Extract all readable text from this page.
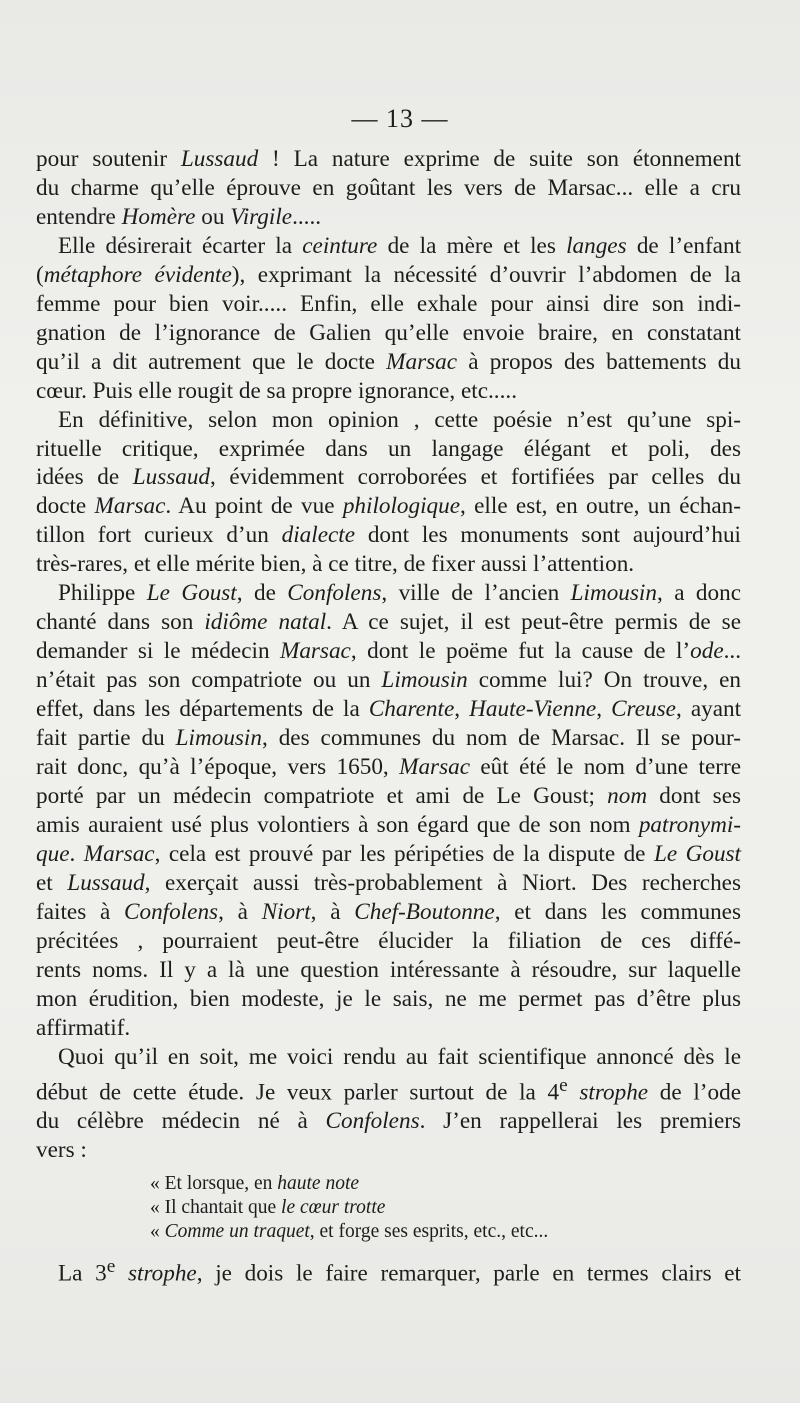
— 13 —
pour soutenir Lussaud ! La nature exprime de suite son étonnement
du charme qu’elle éprouve en goûtant les vers de Marsac... elle a cru
entendre Homère ou Virgile.....
Elle désirerait écarter la ceinture de la mère et les langes de l’enfant
(métaphore évidente), exprimant la nécessité d’ouvrir l’abdomen de la
femme pour bien voir..... Enfin, elle exhale pour ainsi dire son indi-
gnation de l’ignorance de Galien qu’elle envoie braire, en constatant
qu’il a dit autrement que le docte Marsac à propos des battements du
cœur. Puis elle rougit de sa propre ignorance, etc.....
En définitive, selon mon opinion , cette poésie n’est qu’une spi-
rituelle critique, exprimée dans un langage élégant et poli, des
idées de Lussaud, évidemment corroborées et fortifiées par celles du
docte Marsac. Au point de vue philologique, elle est, en outre, un échan-
tillon fort curieux d’un dialecte dont les monuments sont aujourd’hui
très-rares, et elle mérite bien, à ce titre, de fixer aussi l’attention.
Philippe Le Goust, de Confolens, ville de l’ancien Limousin, a donc
chanté dans son idiôme natal. A ce sujet, il est peut-être permis de se
demander si le médecin Marsac, dont le poëme fut la cause de l’ode...
n’était pas son compatriote ou un Limousin comme lui? On trouve, en
effet, dans les départements de la Charente, Haute-Vienne, Creuse, ayant
fait partie du Limousin, des communes du nom de Marsac. Il se pour-
rait donc, qu’à l’époque, vers 1650, Marsac eût été le nom d’une terre
porté par un médecin compatriote et ami de Le Goust; nom dont ses
amis auraient usé plus volontiers à son égard que de son nom patronymi-
que. Marsac, cela est prouvé par les péripéties de la dispute de Le Goust
et Lussaud, exerçait aussi très-probablement à Niort. Des recherches
faites à Confolens, à Niort, à Chef-Boutonne, et dans les communes
précitées , pourraient peut-être élucider la filiation de ces diffé-
rents noms. Il y a là une question intéressante à résoudre, sur laquelle
mon érudition, bien modeste, je le sais, ne me permet pas d’être plus
affirmatif.
Quoi qu’il en soit, me voici rendu au fait scientifique annoncé dès le
début de cette étude. Je veux parler surtout de la 4e strophe de l’ode
du célèbre médecin né à Confolens. J’en rappellerai les premiers
vers :
« Et lorsque, en haute note
« Il chantait que le cœur trotte
« Comme un traquet, et forge ses esprits, etc., etc...
La 3e strophe, je dois le faire remarquer, parle en termes clairs et
